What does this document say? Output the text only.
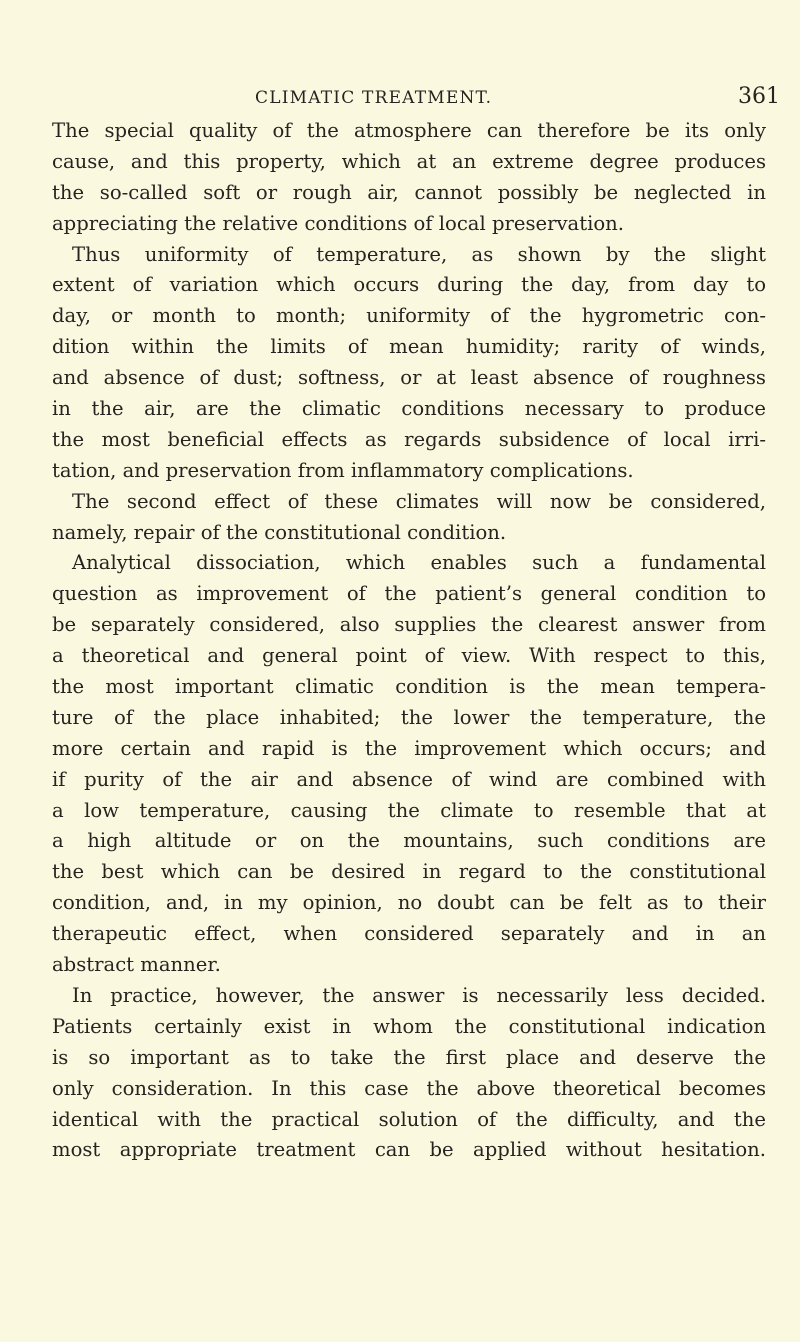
CLIMATIC TREATMENT.	361
The special quality of the atmosphere can therefore be its only
cause, and this property, which at an extreme degree produces
the so-called soft or rough air, cannot possibly be neglected in
appreciating the relative conditions of local preservation.
Thus uniformity of temperature, as shown by the slight
extent of variation which occurs during the day, from day to
day, or month to month; uniformity of the hygrometric con-
dition within the limits of mean humidity; rarity of winds,
and absence of dust; softness, or at least absence of roughness
in the air, are the climatic conditions necessary to produce
the most beneficial effects as regards subsidence of local irri-
tation, and preservation from inflammatory complications.
The second effect of these climates will now be considered,
namely, repair of the constitutional condition.
Analytical dissociation, which enables such a fundamental
question as improvement of the patient’s general condition to
be separately considered, also supplies the clearest answer from
a theoretical and general point of view. With respect to this,
the most important climatic condition is the mean tempera-
ture of the place inhabited; the lower the temperature, the
more certain and rapid is the improvement which occurs; and
if purity of the air and absence of wind are combined with
a low temperature, causing the climate to resemble that at
a high altitude or on the mountains, such conditions are
the best which can be desired in regard to the constitutional
condition, and, in my opinion, no doubt can be felt as to their
therapeutic effect, when considered separately and in an
abstract manner.
In practice, however, the answer is necessarily less decided.
Patients certainly exist in whom the constitutional indication
is so important as to take the first place and deserve the
only consideration. In this case the above theoretical becomes
identical with the practical solution of the difficulty, and the
most appropriate treatment can be applied without hesitation.
